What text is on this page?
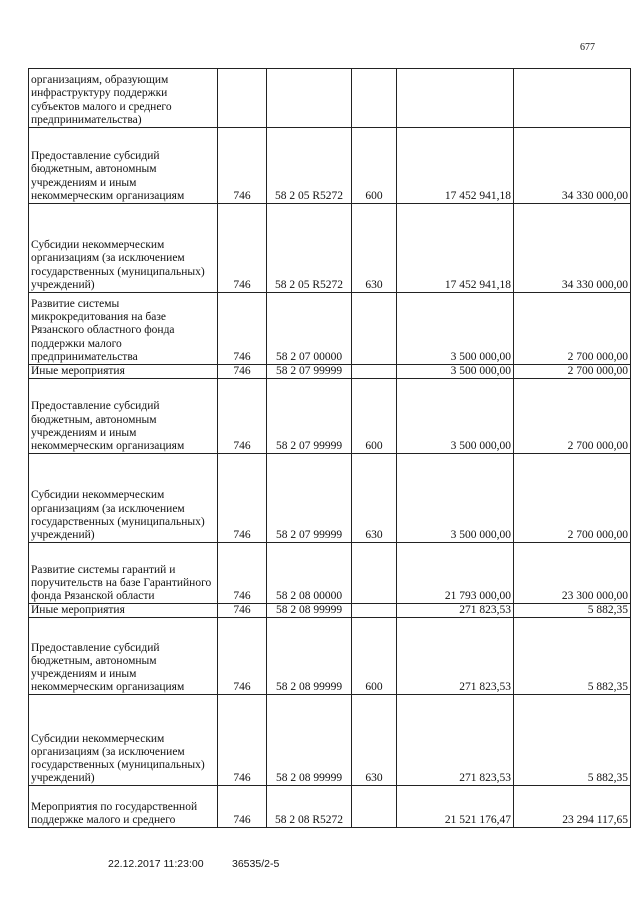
677
организациям, образующим инфраструктуру поддержки субъектов малого и среднего предпринимательства)					
Предоставление субсидий бюджетным, автономным учреждениям и иным некоммерческим организациям	746	58 2 05 R5272	600	17 452 941,18	34 330 000,00
Субсидии некоммерческим организациям (за исключением государственных (муниципальных) учреждений)	746	58 2 05 R5272	630	17 452 941,18	34 330 000,00
Развитие системы микрокредитования на базе Рязанского областного фонда поддержки малого предпринимательства	746	58 2 07 00000		3 500 000,00	2 700 000,00
Иные мероприятия	746	58 2 07 99999		3 500 000,00	2 700 000,00
Предоставление субсидий бюджетным, автономным учреждениям и иным некоммерческим организациям	746	58 2 07 99999	600	3 500 000,00	2 700 000,00
Субсидии некоммерческим организациям (за исключением государственных (муниципальных) учреждений)	746	58 2 07 99999	630	3 500 000,00	2 700 000,00
Развитие системы гарантий и поручительств на базе Гарантийного фонда Рязанской области	746	58 2 08 00000		21 793 000,00	23 300 000,00
Иные мероприятия	746	58 2 08 99999		271 823,53	5 882,35
Предоставление субсидий бюджетным, автономным учреждениям и иным некоммерческим организациям	746	58 2 08 99999	600	271 823,53	5 882,35
Субсидии некоммерческим организациям (за исключением государственных (муниципальных) учреждений)	746	58 2 08 99999	630	271 823,53	5 882,35
Мероприятия по государственной поддержке малого и среднего	746	58 2 08 R5272		21 521 176,47	23 294 117,65
22.12.2017 11:23:00	36535/2-5
